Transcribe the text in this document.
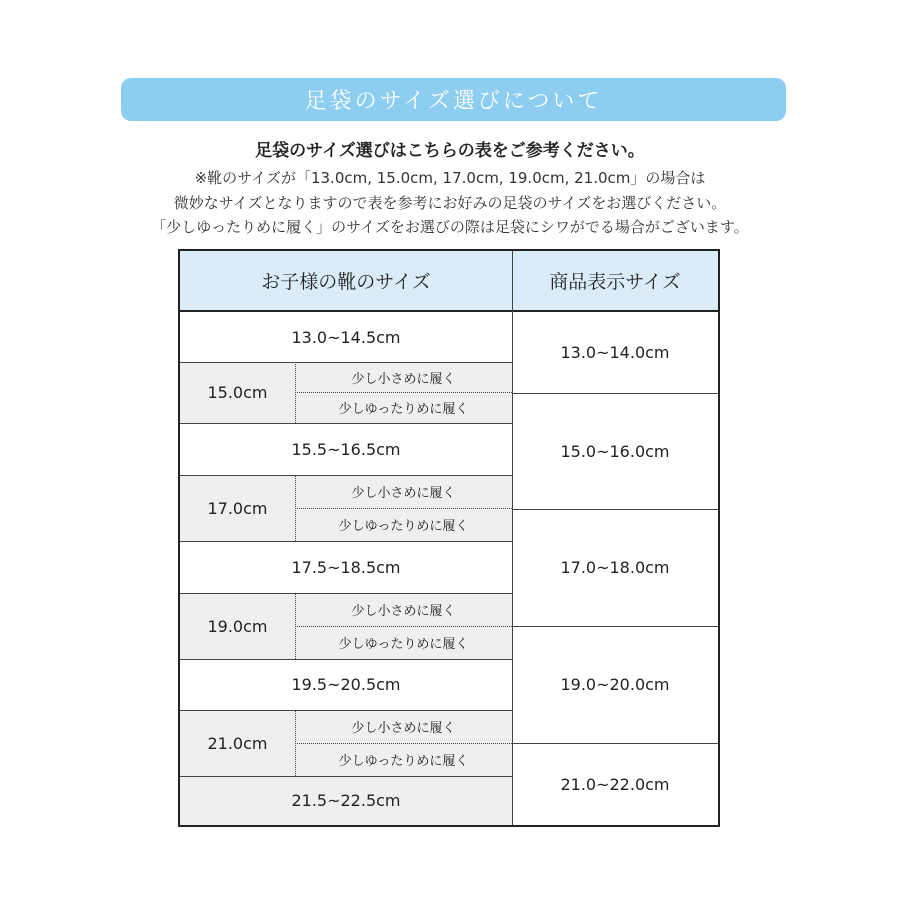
足袋のサイズ選びについて
足袋のサイズ選びはこちらの表をご参考ください。
※靴のサイズが「13.0cm, 15.0cm, 17.0cm, 19.0cm, 21.0cm」の場合は
微妙なサイズとなりますので表を参考にお好みの足袋のサイズをお選びください。
「少しゆったりめに履く」のサイズをお選びの際は足袋にシワがでる場合がございます。
お子様の靴のサイズ	商品表示サイズ
13.0~14.5cm
15.0cm
少し小さめに履く
少しゆったりめに履く
15.5~16.5cm
17.0cm
少し小さめに履く
少しゆったりめに履く
17.5~18.5cm
19.0cm
少し小さめに履く
少しゆったりめに履く
19.5~20.5cm
21.0cm
少し小さめに履く
少しゆったりめに履く
21.5~22.5cm
13.0~14.0cm
15.0~16.0cm
17.0~18.0cm
19.0~20.0cm
21.0~22.0cm
